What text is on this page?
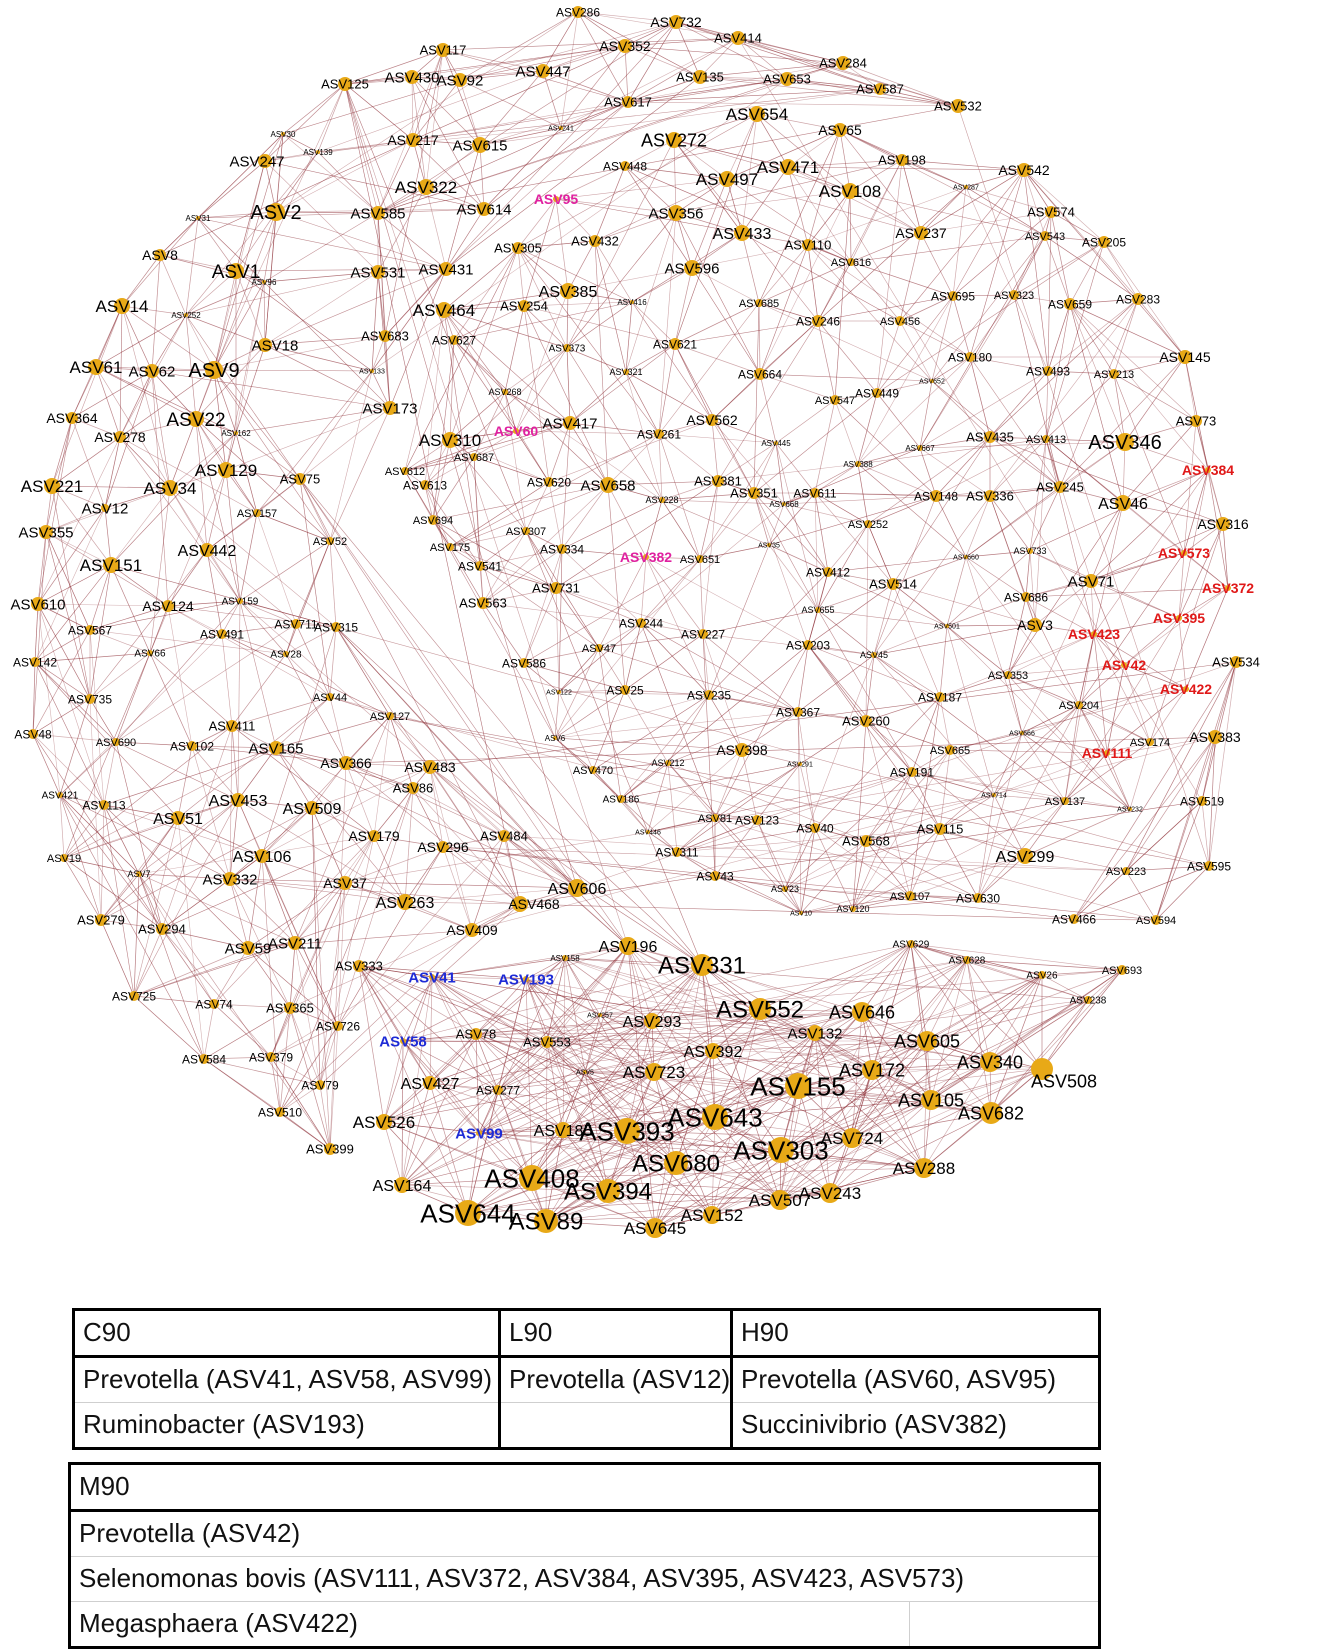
ASV125
ASV30
ASV139
ASV247
ASV31 ASV2
ASV8
ASV1
ASV96
ASV14	ASV252
ASV18
ASV61 ASV62 ASV9
ASV364
ASV278
ASV22
ASV162
ASV129 ASV75
ASV221	ASV34
ASV12
ASV355
ASV157
ASV442
ASV52
ASV151
ASV610	ASV124	ASV159
ASV711
ASV315
ASV567
ASV142
ASV491
ASV28
ASV66
ASV735	ASV44
ASV127
ASV48
ASV411
ASV690	ASV102 ASV165
ASV366 ASV483
ASV421
ASV113
ASV86
ASV453 ASV509
ASV51
ASV179	ASV484
ASV19
ASV296
ASV106
ASV7	ASV332	ASV37
ASV263	ASV468
ASV606
ASV279
ASV294
ASV211
ASV59
ASV409
ASV196
ASV333
ASV41	ASV193
ASV158	ASV331
ASV725
ASV74	ASV365
ASV726
ASV552 ASV646
ASV293
ASV257
ASV58 ASV78
ASV553	ASV132	ASV605
ASV584 ASV379	ASV392
ASV340
ASV79
ASV723	ASV172
ASV508
ASV427 ASV277
ASV5	ASV155
ASV510
ASV526
ASV105
ASV682
ASV393
ASV643
ASV99 ASV185	ASV724
ASV399	ASV303
ASV680	ASV288
ASV408
ASV164	ASV243
ASV394	ASV507
ASV644
ASV89	ASV152
ASV645
ASV117
ASV286
ASV732
ASV430
ASV352	ASV414
ASV284
ASV92
ASV447	ASV135	ASV653
ASV587
ASV532
ASV617
ASV654
ASV241	ASV65
ASV217 ASV615	ASV272
ASV198
ASV448	ASV471	ASV542
ASV497
ASV322	ASV108	ASV287
ASV95
ASV585	ASV614	ASV356	ASV574
ASV237
ASV433
ASV110
ASV543 ASV205
ASV305 ASV432
ASV616
ASV531 ASV431	ASV596
ASV385	ASV695 ASV323
ASV659 ASV283
ASV416	ASV685
ASV464 ASV254
ASV246	ASV456
ASV683 ASV627	ASV621
ASV373
ASV180	ASV145
ASV133	ASV321	ASV493 ASV213
ASV664
ASV652
ASV268
ASV547
ASV449
ASV173
ASV73
ASV417	ASV562
ASV60
ASV310	ASV346
ASV261	ASV435 ASV413
ASV445
ASV687
ASV667
ASV612
ASV388	ASV384
ASV613	ASV620 ASV658	ASV381
ASV351 ASV611	ASV245
ASV228	ASV668
ASV148 ASV336	ASV46
ASV694
ASV307
ASV252	ASV316
ASV175	ASV334	ASV35
ASV733
ASV382 ASV651	ASV660	ASV573
ASV541	ASV412
ASV514	ASV71
ASV731
ASV686
ASV372
ASV563	ASV655	ASV395
ASV244	ASV501	ASV3
ASV227	ASV423
ASV47	ASV203
ASV534
ASV586
ASV45
ASV42
ASV353
ASV122	ASV25	ASV235	ASV187
ASV422
ASV367	ASV204
ASV260
ASV6	ASV174 ASV383
ASV665
ASV398
ASV666
ASV111
ASV470
ASV212	ASV291
ASV191
ASV186	ASV714	ASV137
ASV232
ASV519
ASV81 ASV123
ASV446	ASV40	ASV115
ASV568
ASV311	ASV299
ASV223	ASV595
ASV43
ASV23
ASV107 ASV630
ASV10	ASV120
ASV466	ASV594
ASV629
ASV628
ASV26	ASV693
ASV238
C90	L90	H90
Prevotella (ASV41, ASV58, ASV99)	Prevotella (ASV12)	Prevotella (ASV60, ASV95)
Ruminobacter (ASV193)		Succinivibrio (ASV382)
M90
Prevotella (ASV42)
Selenomonas bovis (ASV111, ASV372, ASV384, ASV395, ASV423, ASV573)
Megasphaera (ASV422)	
